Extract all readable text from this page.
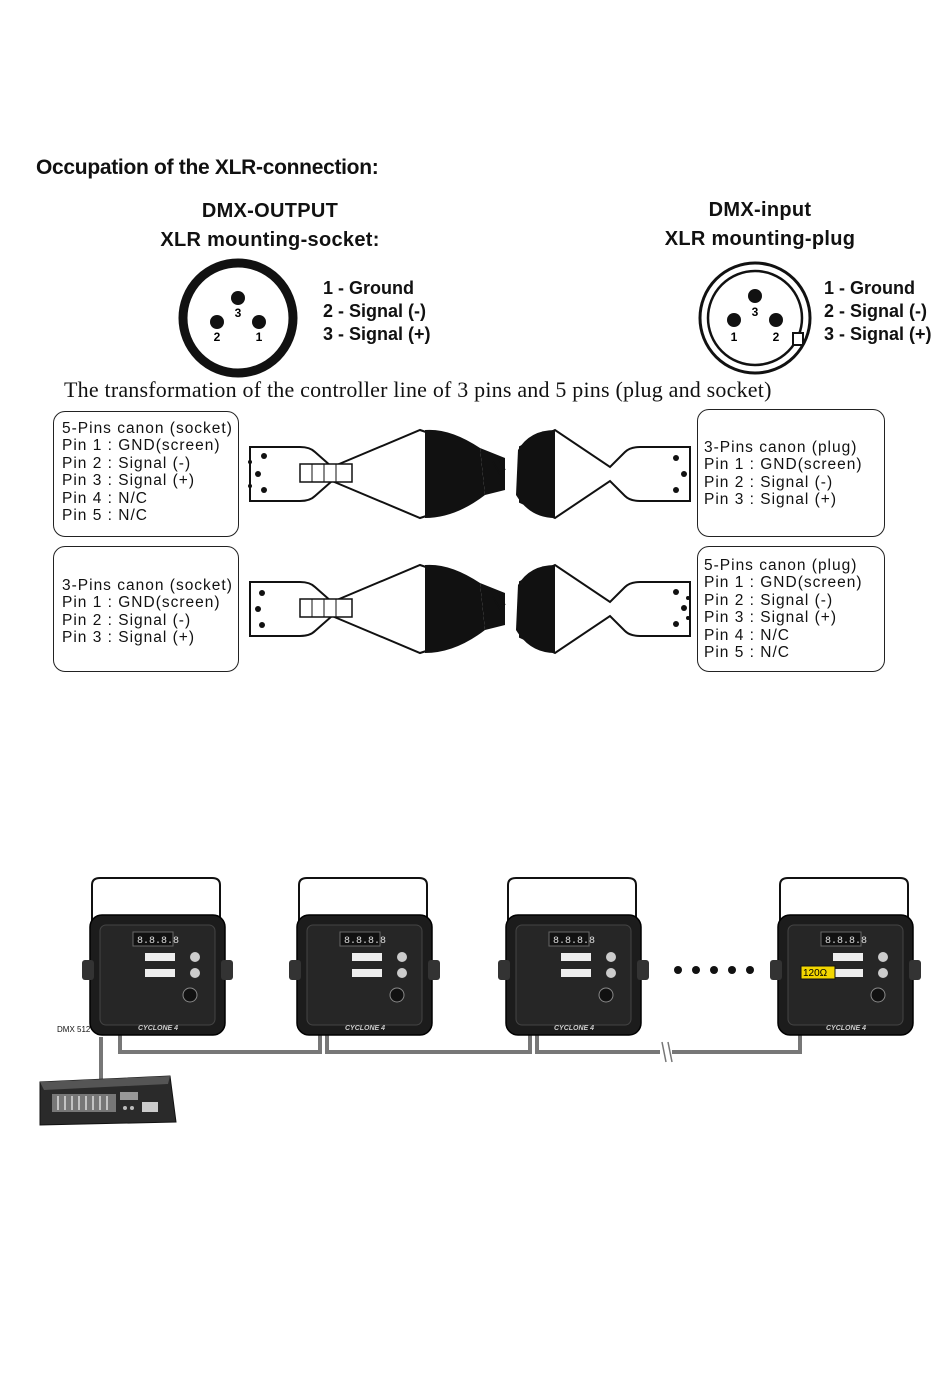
Occupation of the XLR-connection:
DMX-OUTPUT
XLR mounting-socket:
DMX-input
XLR mounting-plug
1 - Ground
2 - Signal (-)
3 - Signal (+)
1 - Ground
2 - Signal (-)
3 - Signal (+)
The transformation of the controller line of 3 pins and 5 pins (plug and socket)
3
2	1
3
1	2
8.8.8.8
CYCLONE 4
8.8.8.8
CYCLONE 4
8.8.8.8
CYCLONE 4
8.8.8.8
CYCLONE 4
120Ω
5-Pins canon (socket)
Pin 1 : GND(screen)
Pin 2 : Signal (-)
Pin 3 : Signal (+)
Pin 4 : N/C
Pin 5 : N/C
3-Pins canon (plug)
Pin 1 : GND(screen)
Pin 2 : Signal (-)
Pin 3 : Signal (+)
3-Pins canon (socket)
Pin 1 : GND(screen)
Pin 2 : Signal (-)
Pin 3 : Signal (+)
5-Pins canon (plug)
Pin 1 : GND(screen)
Pin 2 : Signal (-)
Pin 3 : Signal (+)
Pin 4 : N/C
Pin 5 : N/C
DMX 512
